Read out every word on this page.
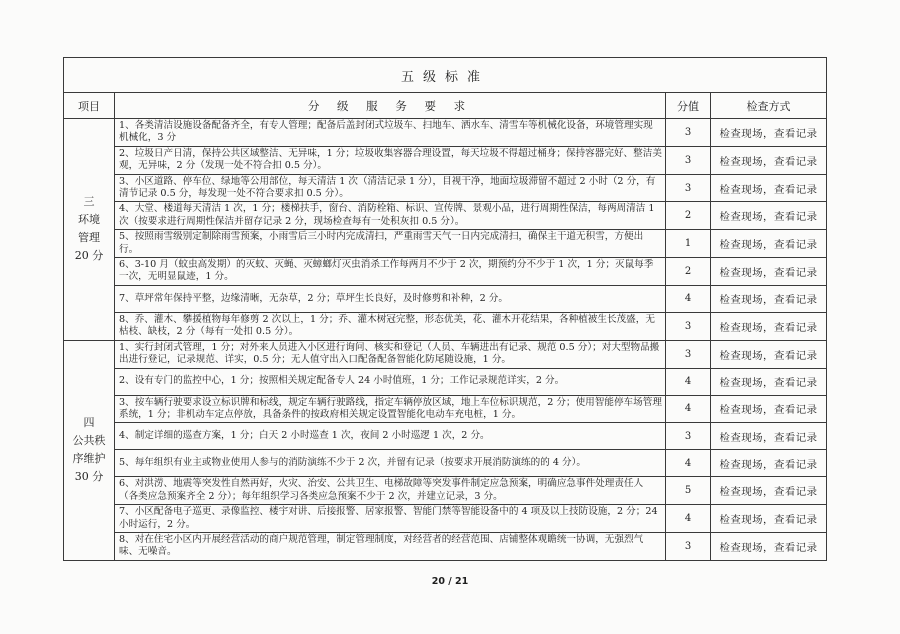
五级标准			
项目	分 级 服 务 要 求	分值	检查方式

三
环境
管理
20 分	1、各类清洁设施设备配备齐全，有专人管理；配备后盖封闭式垃圾车、扫地车、洒水车、清雪车等机械化设备，环境管理实现机械化，3 分	3	检查现场，查看记录
	2、垃圾日产日清，保持公共区域整洁、无异味，1 分；垃圾收集容器合理设置，每天垃圾不得超过桶身；保持容器完好、整洁美观，无异味，2 分（发现一处不符合扣 0.5 分）。	3	检查现场，查看记录
	3、小区道路、停车位、绿地等公用部位，每天清洁 1 次（清洁记录 1 分），目视干净，地面垃圾滞留不超过 2 小时（2 分，有清节记录 0.5 分，每发现一处不符合要求扣 0.5 分）。	3	检查现场，查看记录
	4、大堂、楼道每天清洁 1 次，1 分；楼梯扶手，窗台、消防栓箱、标识、宣传牌、景观小品，进行周期性保洁，每两周清洁 1 次（按要求进行周期性保洁并留存记录 2 分，现场检查每有一处积灰扣 0.5 分）。	2	检查现场，查看记录
	5、按照雨雪级别定制除雨雪预案，小雨雪后三小时内完成清扫，严重雨雪天气一日内完成清扫，确保主干道无积雪，方便出行。	1	检查现场，查看记录
	6、3-10 月（蚊虫高发期）的灭蚊、灭蝇、灭蟑螂灯灭虫消杀工作每两月不少于 2 次，期预约分不少于 1 次，1 分；灭鼠每季一次，无明显鼠迹，1 分。	2	检查现场，查看记录
	7、草坪常年保持平整，边缘清晰，无杂草，2 分；草坪生长良好，及时修剪和补种，2 分。	4	检查现场，查看记录
	8、乔、灌木、攀援植物每年修剪 2 次以上，1 分；乔、灌木树冠完整，形态优美，花、灌木开花结果，各种植被生长茂盛，无枯枝、缺枝，2 分（每有一处扣 0.5 分）。	3	检查现场，查看记录

四
公共秩
序维护
30 分	1、实行封闭式管理，1 分；对外来人员进入小区进行询问、核实和登记（人员、车辆进出有记录、规范 0.5 分）；对大型物品搬出进行登记，记录规范、详实，0.5 分；无人值守出入口配备配备智能化防尾随设施，1 分。	3	检查现场，查看记录
	2、设有专门的监控中心，1 分；按照相关规定配备专人 24 小时值班，1 分；工作记录规范详实，2 分。	4	检查现场，查看记录
	3、按车辆行驶要求设立标识牌和标线，规定车辆行驶路线，指定车辆停放区域，地上车位标识规范，2 分；使用智能停车场管理系统，1 分；非机动车定点停放，具备条件的按政府相关规定设置智能化电动车充电桩，1 分。	4	检查现场，查看记录
	4、制定详细的巡查方案，1 分；白天 2 小时巡查 1 次，夜间 2 小时巡逻 1 次，2 分。	3	检查现场，查看记录
	5、每年组织有业主或物业使用人参与的消防演练不少于 2 次，并留有记录（按要求开展消防演练的的 4 分）。	4	检查现场，查看记录
	6、对洪涝、地震等突发性自然再好，火灾、治安、公共卫生、电梯故障等突发事件制定应急预案，明确应急事件处理责任人（各类应急预案齐全 2 分）；每年组织学习各类应急预案不少于 2 次，并建立记录，3 分。	5	检查现场，查看记录
	7、小区配备电子巡更、录像监控、楼宇对讲、后接报警、居家报警、智能门禁等智能设备中的 4 项及以上技防设施，2 分；24 小时运行，2 分。	4	检查现场，查看记录
	8、对在住宅小区内开展经营活动的商户规范管理，制定管理制度，对经营者的经营范围、店铺整体观瞻统一协调，无强烈气味、无噪音。	3	检查现场，查看记录
20 / 21
